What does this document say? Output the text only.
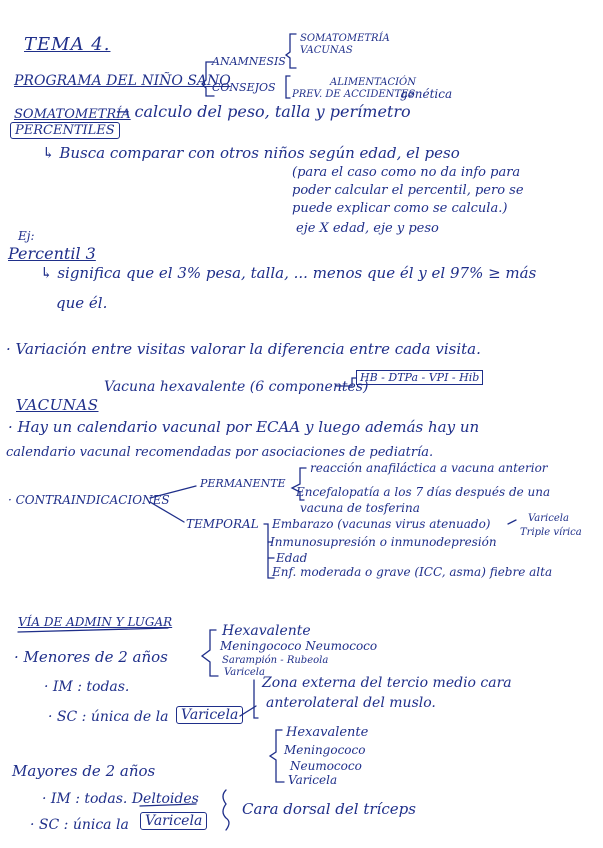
TEMA 4.
PROGRAMA DEL NIÑO SANO
ANAMNESIS
SOMATOMETRÍA
VACUNAS
CONSEJOS	ALIMENTACIÓN
PREV. DE ACCIDENTES
genética
SOMATOMETRÍA
→ calculo del peso, talla y perímetro
PERCENTILES
↳ Busca comparar con otros niños según edad, el peso
(para el caso como no da info para
poder calcular el percentil, pero se
puede explicar como se calcula.)
eje X edad, eje y peso
Ej:
Percentil 3
↳ significa que el 3% pesa, talla, ... menos que él y el 97% ≥ más
que él.
· Variación entre visitas valorar la diferencia entre cada visita.
Vacuna hexavalente (6 componentes)
HB - DTPa - VPI - Hib
VACUNAS
· Hay un calendario vacunal por ECAA y luego además hay un
calendario vacunal recomendadas por asociaciones de pediatría.
· CONTRAINDICACIONES
PERMANENTE
reacción anafiláctica a vacuna anterior
Encefalopatía a los 7 días después de una
vacuna de tosferina
TEMPORAL Embarazo (vacunas virus atenuado)	Varicela
Triple vírica
Inmunosupresión o inmunodepresión
Edad
Enf. moderada o grave (ICC, asma) fiebre alta
VÍA DE ADMIN Y LUGAR
· Menores de 2 años
Hexavalente
Meningococo Neumococo
Sarampión - Rubeola
Varicela
· IM : todas.
· SC : única de la Varicela
Zona externa del tercio medio cara
anterolateral del muslo.
Hexavalente
Meningococo
Neumococo
Varicela
Mayores de 2 años
· IM : todas. Deltoides
· SC : única la	Varicela
Cara dorsal del tríceps
